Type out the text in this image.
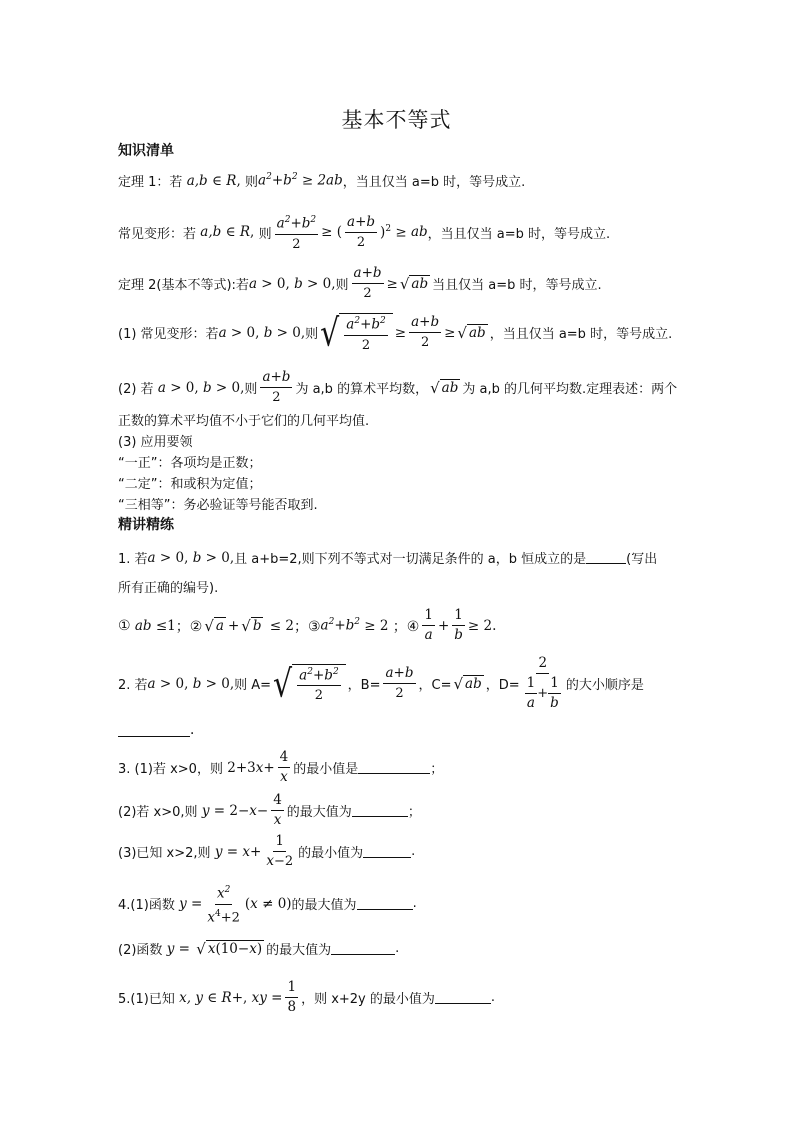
基本不等式
知识清单
定理 1：若 a,b ∈ R , 则 $a^2+b^2 \ge 2ab$ ，当且仅当 a=b 时，等号成立.
常见变形：若 a,b ∈ R , 则 $\frac{a^2+b^2}{2}$ ≥ ( $\frac{a+b}{2} )^2$ ≥ ab ，当且仅当 a=b 时，等号成立.
定理 2(基本不等式):若 a > 0, b > 0, 则 $\frac{a+b}{2}$ ≥ √ ab 当且仅当 a=b 时，等号成立.
(1) 常见变形：若 a > 0, b > 0, 则 √ $\frac{a^2+b^2}{2} \ge \frac{a+b}{2}$ ≥ √ ab ，当且仅当 a=b 时，等号成立.
(2) 若 a > 0, b > 0, 则 $\frac{a+b}{2}$ 为 a,b 的算术平均数， √ ab 为 a,b 的几何平均数.定理表述：两个
正数的算术平均值不小于它们的几何平均值.
(3) 应用要领
“一正”：各项均是正数；
“二定”：和或积为定值；
“三相等”：务必验证等号能否取到.
精讲精练
1. 若 a > 0, b > 0, 且 a+b=2,则下列不等式对一切满足条件的 a，b 恒成立的是	(写出
所有正确的编号).
① ab ≤1 ；② √ a + √ b ≤ 2 ；③ $a^2+b^2 \ge 2$ ；④ $\frac{1}{a} + \frac{1}{b} \ge 2$.
2. 若 a > 0, b > 0, 则 A= √ $\frac{a^2+b^2}{2}$ ，$B= \frac{a+b}{2}$ ，C= √ ab ，$D= \frac{2}{\frac{1}{a} + \frac{1}{b}}$ 的大小顺序是
.
3. (1)若 x>0，则 2+3 $x + \frac{4}{x}$ 的最小值是	；
(2)若 x>0,则 $y = 2- x - \frac{4}{x}$ 的最大值为	；
(3)已知 x>2,则 $y = x + \frac{1}{x-2}$ 的最小值为	.
4.(1)函数 $y = \frac{x^2}{x^4+2}$ ( x ≠ 0) 的最大值为	.
(2)函数 y = √ x (10− x ) 的最大值为	.
5.(1)已知 x, y ∈ R + , xy = $\frac{1}{8}$ ，则 x+2y 的最小值为	.
